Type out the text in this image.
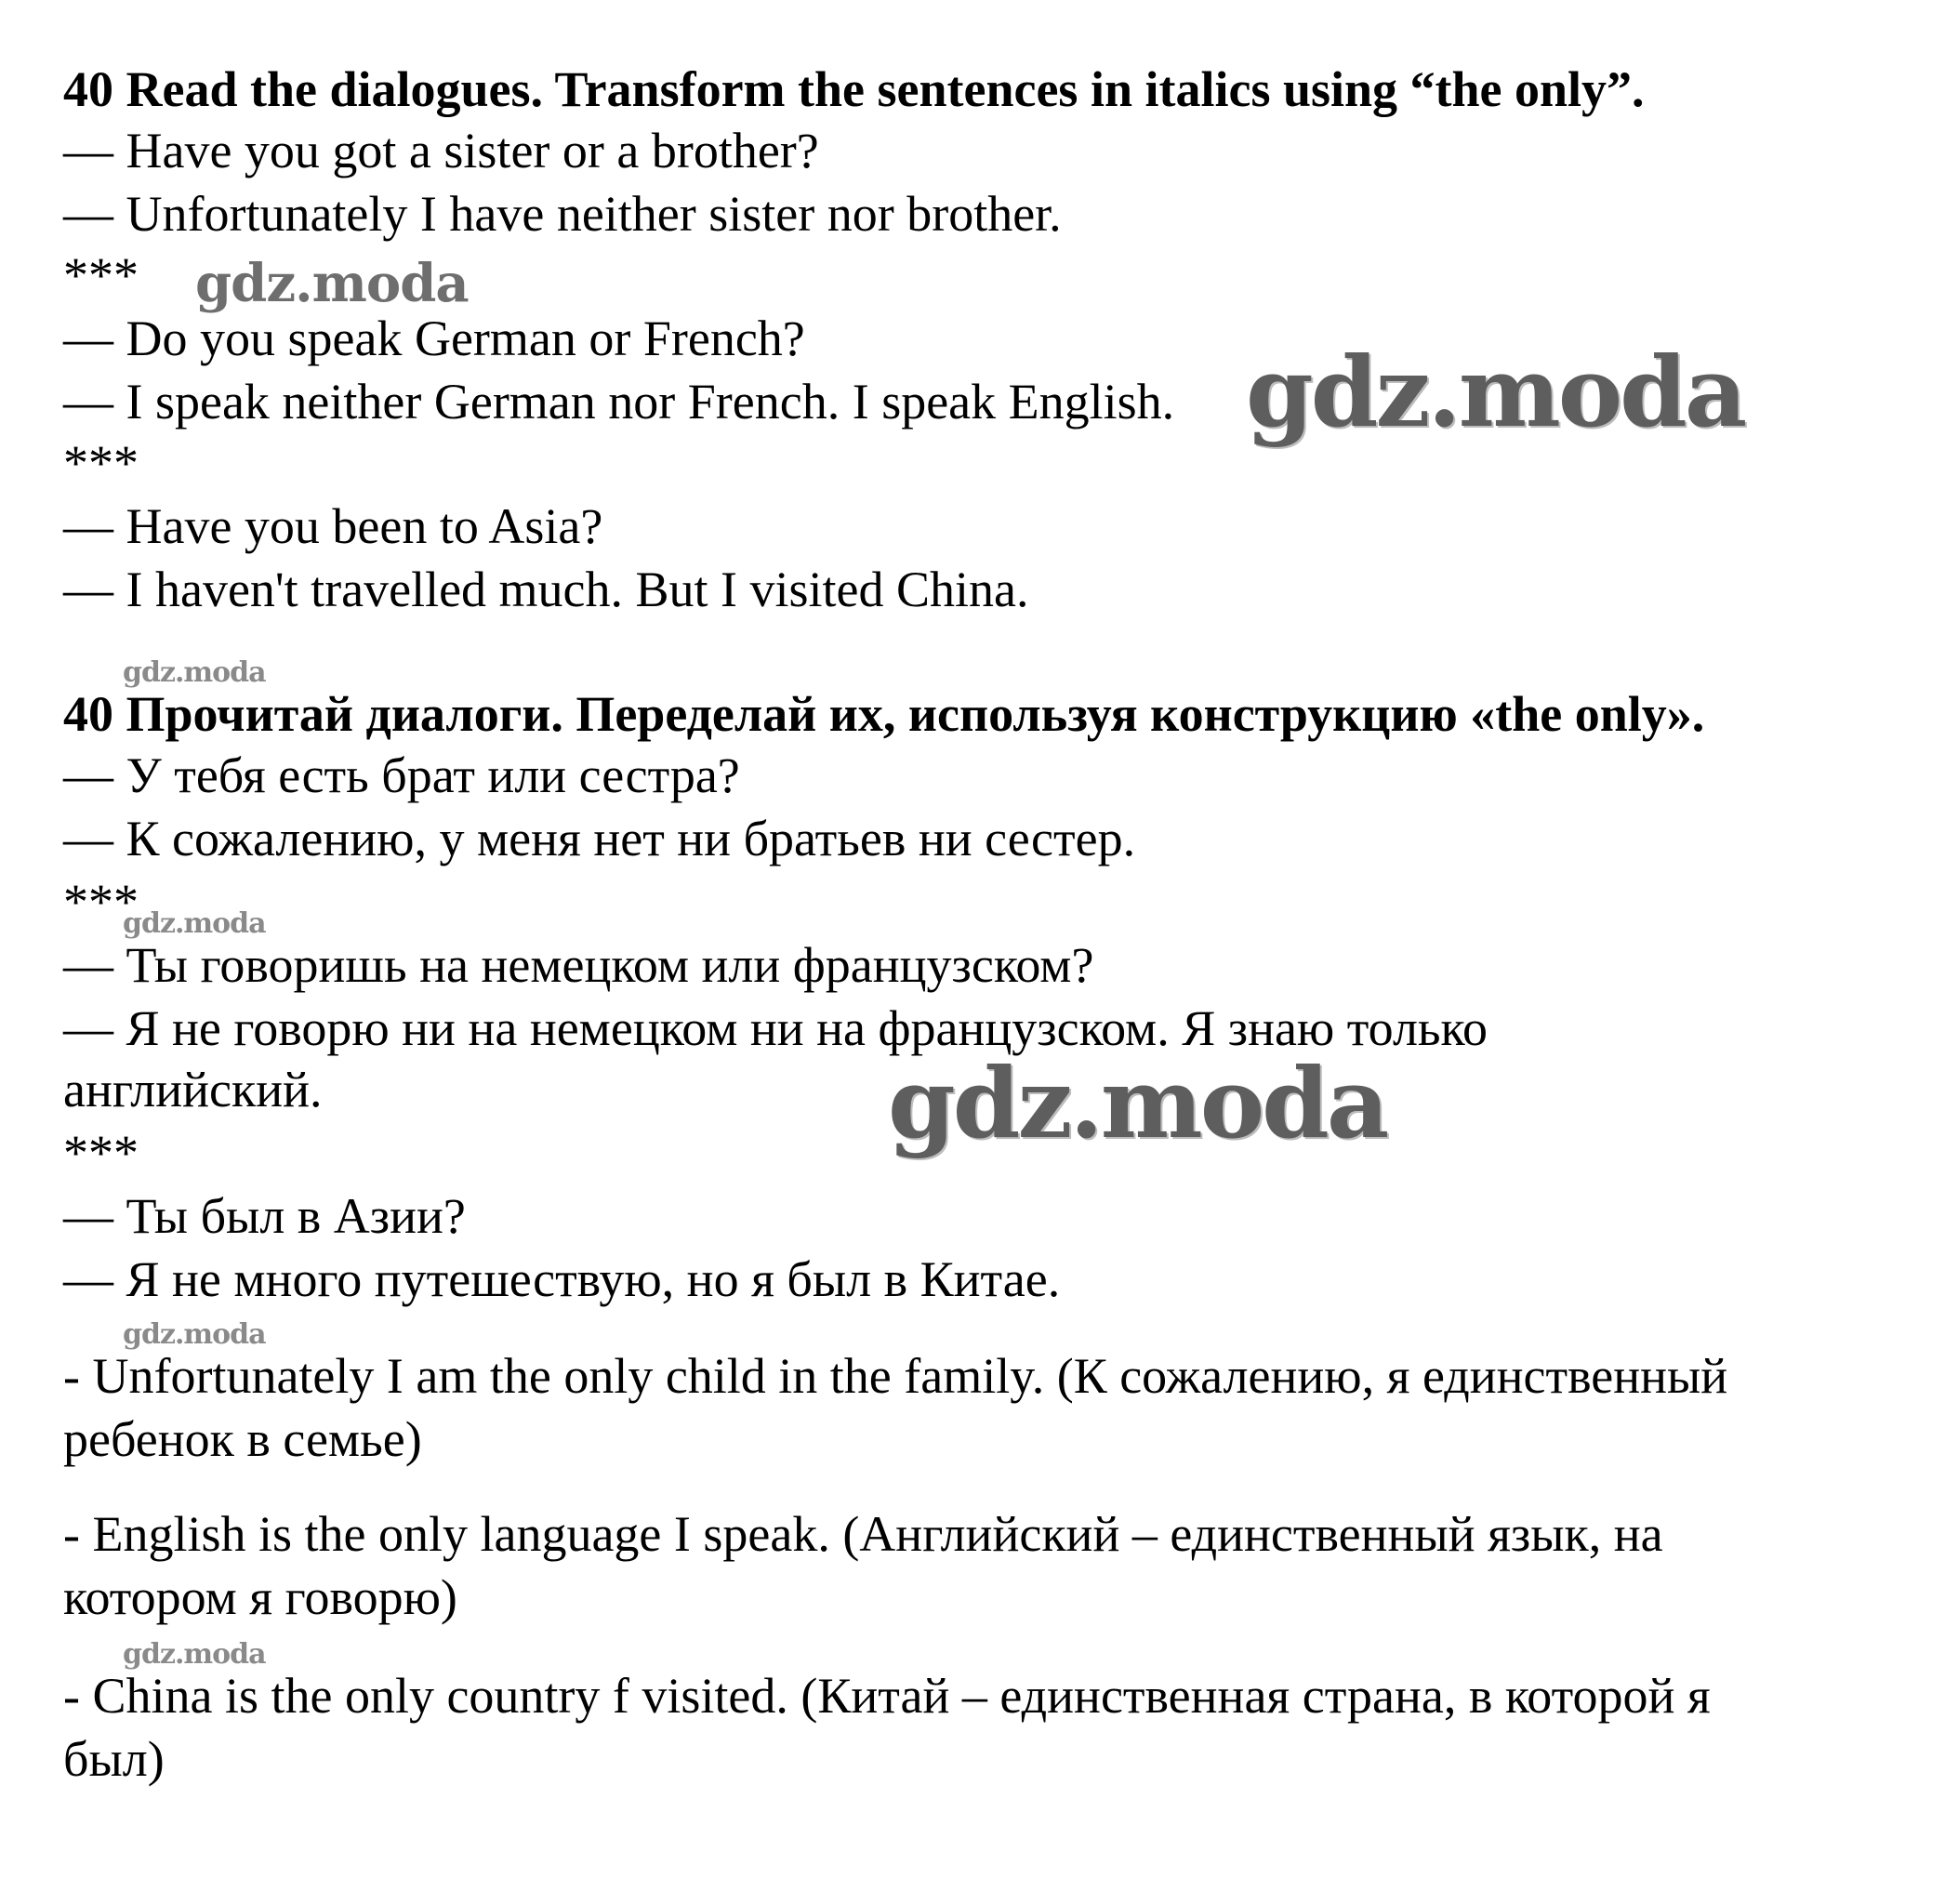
40 Read the dialogues. Transform the sentences in italics using “the only”.
— Have you got a sister or a brother?
— Unfortunately I have neither sister nor brother.
***
— Do you speak German or French?
— I speak neither German nor French. I speak English.
***
— Have you been to Asia?
— I haven't travelled much. But I visited China.
40 Прочитай диалоги. Переделай их, используя конструкцию «the only».
— У тебя есть брат или сестра?
— К сожалению, у меня нет ни братьев ни сестер.
***
— Ты говоришь на немецком или французском?
— Я не говорю ни на немецком ни на французском. Я знаю только
английский.
***
— Ты был в Азии?
— Я не много путешествую, но я был в Китае.
- Unfortunately I am the only child in the family. (К сожалению, я единственный
ребенок в семье)
- English is the only language I speak. (Английский – единственный язык, на
котором я говорю)
- China is the only country f visited. (Китай – единственная страна, в которой я
был)
gdz.moda
gdz.moda
gdz.moda
gdz.moda
gdz.moda
gdz.moda
gdz.moda
